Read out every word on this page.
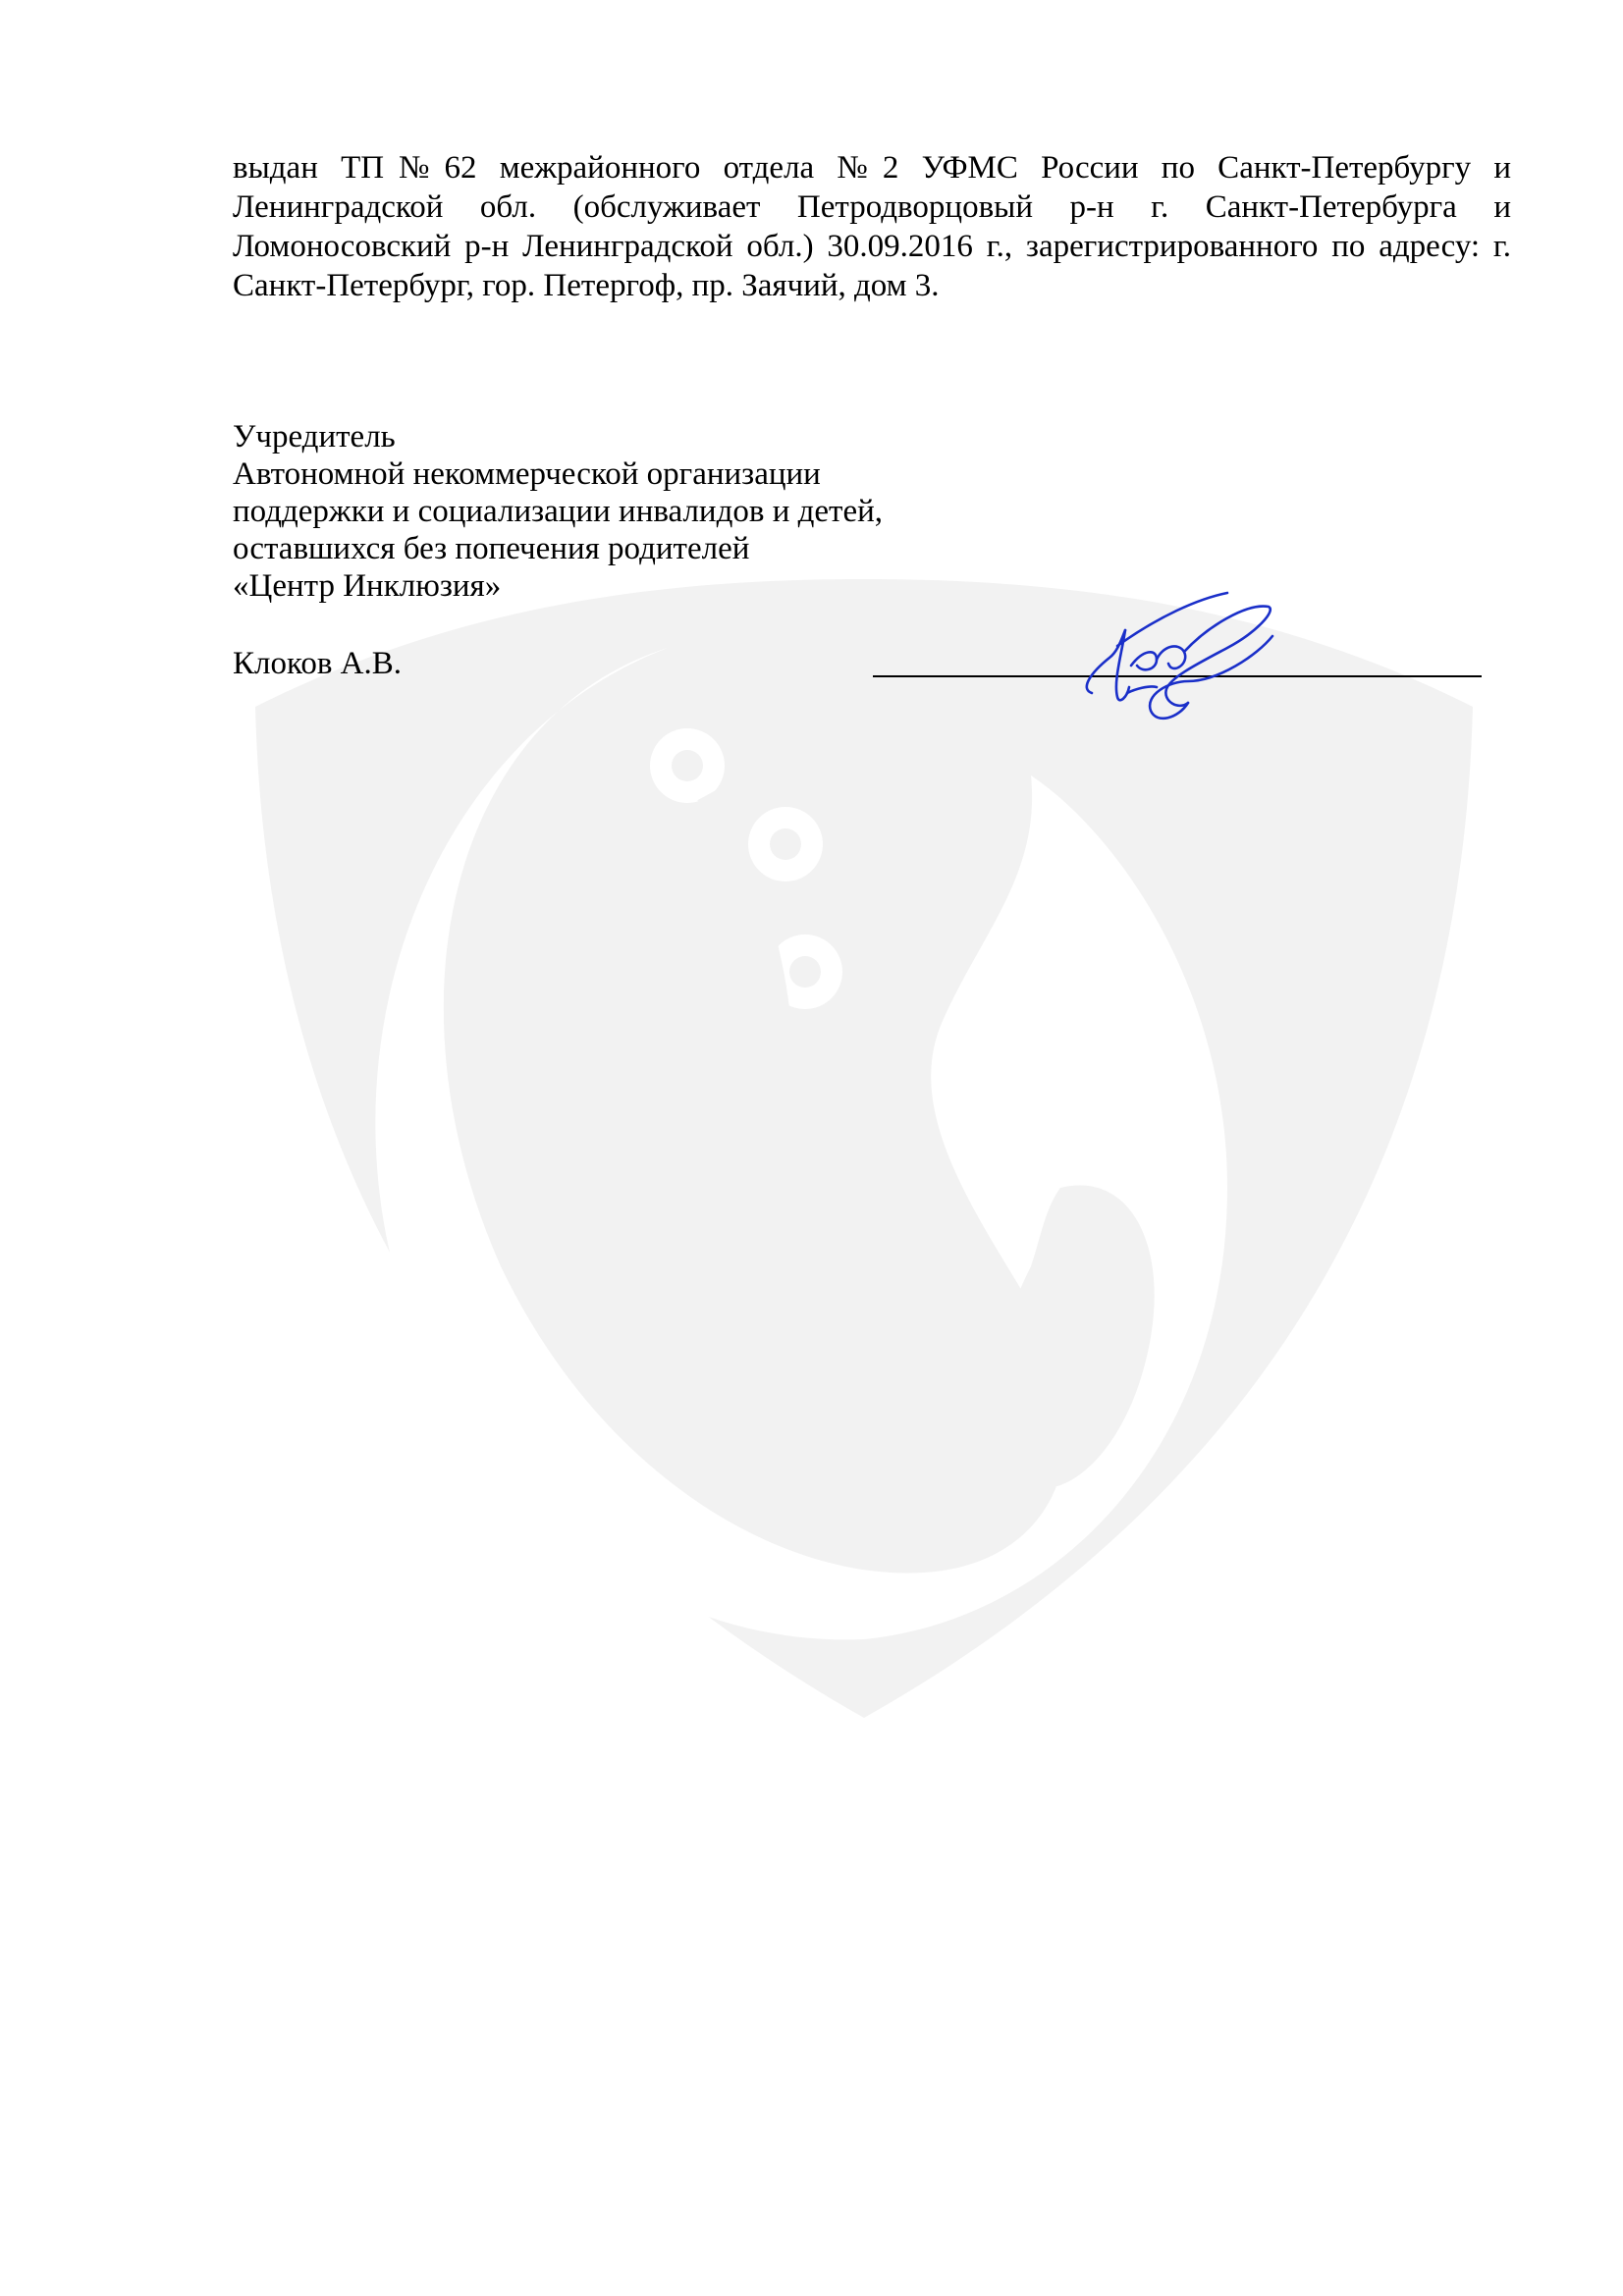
выдан ТП№62 межрайонного отдела №2 УФМС России по Санкт-Петербургу и Ленинградской обл. (обслуживает Петродворцовый р-н г. Санкт-Петербурга и Ломоносовский р-н Ленинградской обл.) 30.09.2016 г., зарегистрированного по адресу: г. Санкт-Петербург, гор. Петергоф, пр. Заячий, дом 3.

Учредитель
Автономной некоммерческой организации
поддержки и социализации инвалидов и детей,
оставшихся без попечения родителей
«Центр Инклюзия»
Клоков А.В.
